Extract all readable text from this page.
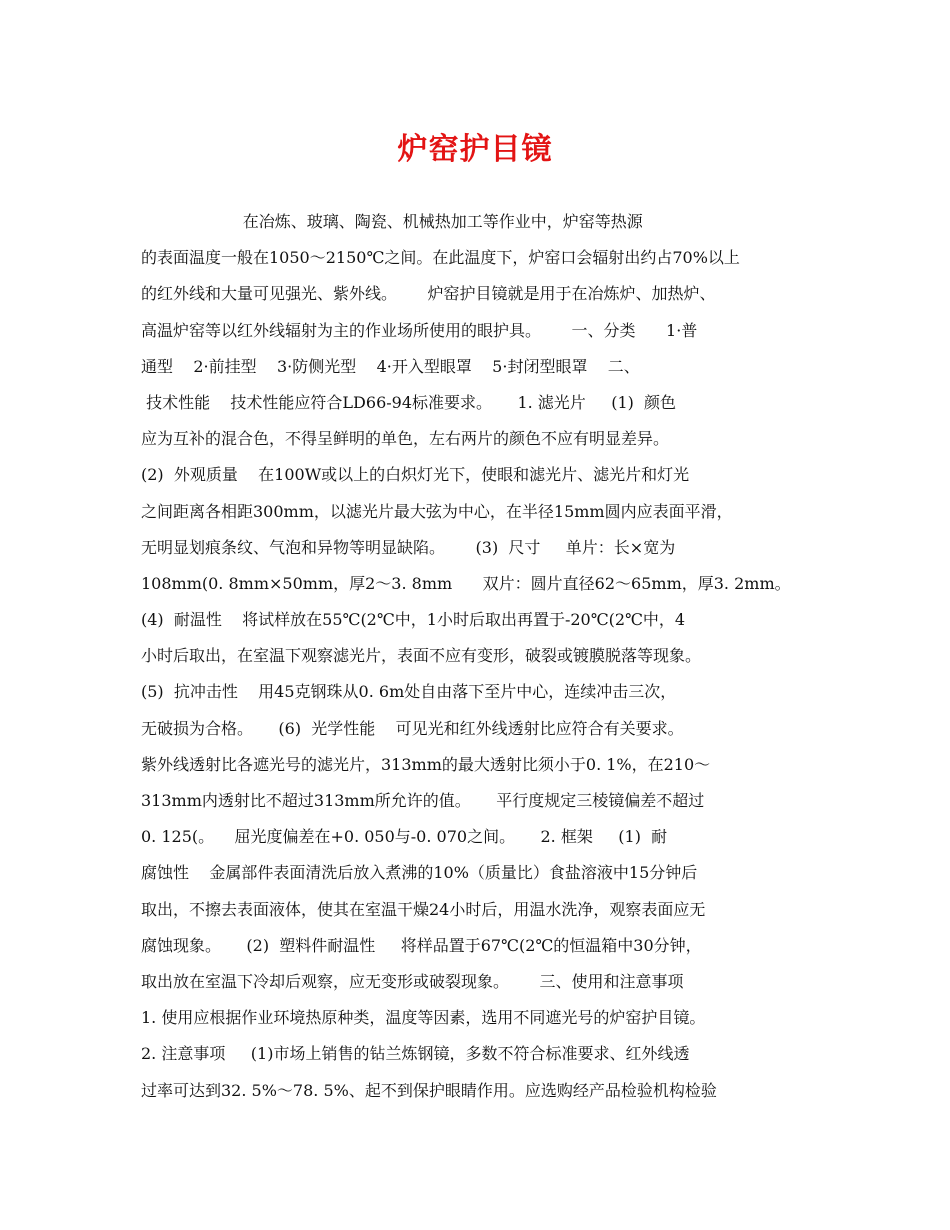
炉窑护目镜
在冶炼、玻璃、陶瓷、机械热加工等作业中，炉窑等热源
的表面温度一般在1050～2150℃之间。在此温度下，炉窑口会辐射出约占70%以上
的红外线和大量可见强光、紫外线。      炉窑护目镜就是用于在冶炼炉、加热炉、
高温炉窑等以红外线辐射为主的作业场所使用的眼护具。      一、分类      1·普
通型    2·前挂型    3·防侧光型    4·开入型眼罩    5·封闭型眼罩    二、
技术性能    技术性能应符合LD66-94标准要求。     1. 滤光片     (1)  颜色
应为互补的混合色，不得呈鲜明的单色，左右两片的颜色不应有明显差异。
(2)  外观质量    在100W或以上的白炽灯光下，使眼和滤光片、滤光片和灯光
之间距离各相距300mm，以滤光片最大弦为中心，在半径15mm圆内应表面平滑，
无明显划痕条纹、气泡和异物等明显缺陷。      (3)  尺寸     单片：长×宽为
108mm(0. 8mm×50mm，厚2～3. 8mm      双片：圆片直径62～65mm，厚3. 2mm。
(4)  耐温性    将试样放在55℃(2℃中，1小时后取出再置于-20℃(2℃中，4
小时后取出，在室温下观察滤光片，表面不应有变形，破裂或镀膜脱落等现象。
(5)  抗冲击性    用45克钢珠从0. 6m处自由落下至片中心，连续冲击三次，
无破损为合格。     (6)  光学性能    可见光和红外线透射比应符合有关要求。
紫外线透射比各遮光号的滤光片，313mm的最大透射比须小于0. 1%，在210～
313mm内透射比不超过313mm所允许的值。     平行度规定三棱镜偏差不超过
0. 125(。    屈光度偏差在+0. 050与-0. 070之间。     2. 框架     (1)  耐
腐蚀性    金属部件表面清洗后放入煮沸的10%（质量比）食盐溶液中15分钟后
取出，不擦去表面液体，使其在室温干燥24小时后，用温水洗净，观察表面应无
腐蚀现象。     (2)  塑料件耐温性     将样品置于67℃(2℃的恒温箱中30分钟，
取出放在室温下冷却后观察，应无变形或破裂现象。      三、使用和注意事项
1. 使用应根据作业环境热原种类，温度等因素，选用不同遮光号的炉窑护目镜。
2. 注意事项     (1)市场上销售的钻兰炼钢镜，多数不符合标准要求、红外线透
过率可达到32. 5%～78. 5%、起不到保护眼睛作用。应选购经产品检验机构检验
